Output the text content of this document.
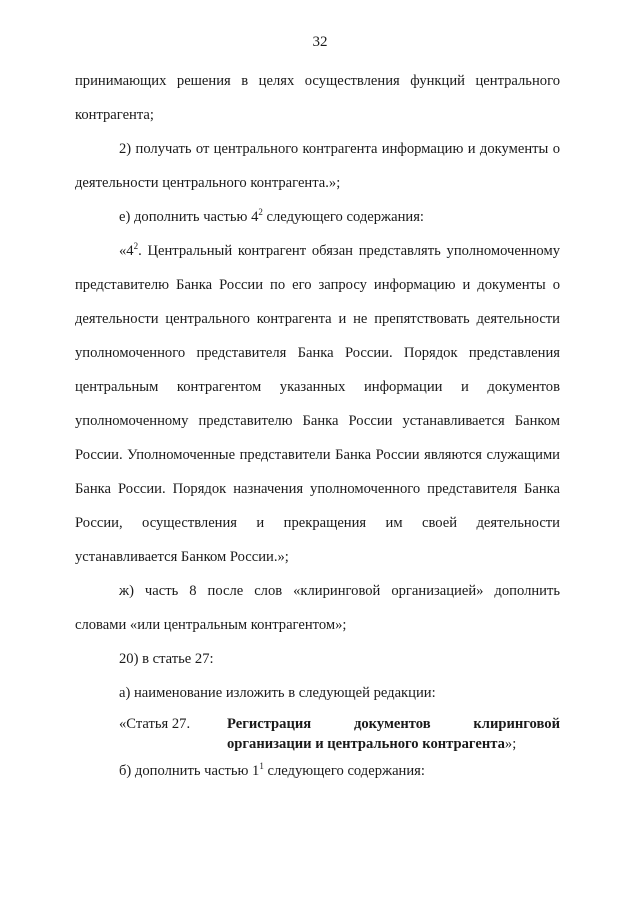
32

принимающих решения в целях осуществления функций центрального контрагента;

2) получать от центрального контрагента информацию и документы о деятельности центрального контрагента.»;

е) дополнить частью $4^2$ следующего содержания:

«$4^2$. Центральный контрагент обязан представлять уполномоченному представителю Банка России по его запросу информацию и документы о деятельности центрального контрагента и не препятствовать деятельности уполномоченного представителя Банка России. Порядок представления центральным контрагентом указанных информации и документов уполномоченному представителю Банка России устанавливается Банком России. Уполномоченные представители Банка России являются служащими Банка России. Порядок назначения уполномоченного представителя Банка России, осуществления и прекращения им своей деятельности устанавливается Банком России.»;

ж) часть 8 после слов «клиринговой организацией» дополнить словами «или центральным контрагентом»;

20) в статье 27:

а) наименование изложить в следующей редакции:

«Статья 27.	Регистрация	документов	клиринговой
организации и центрального контрагента»;

б) дополнить частью $1^1$ следующего содержания:
